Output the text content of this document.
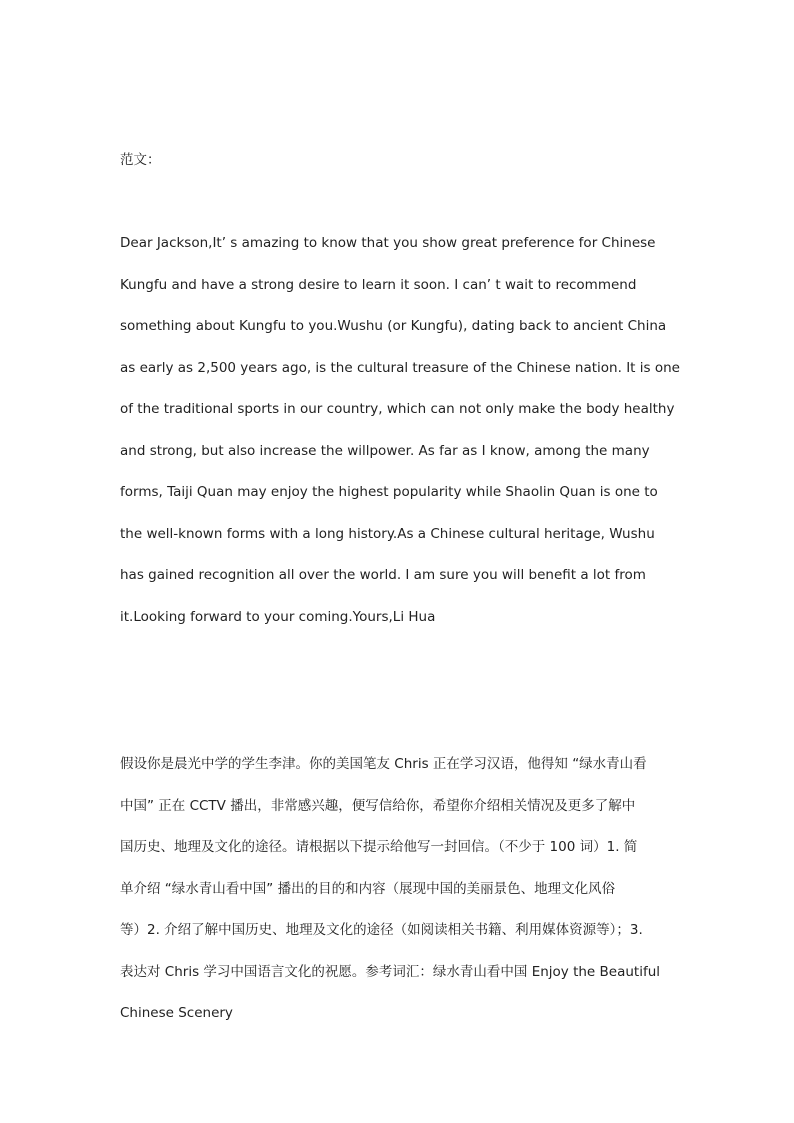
范文：
Dear Jackson,It’ s amazing to know that you show great preference for Chinese
Kungfu and have a strong desire to learn it soon. I can’ t wait to recommend
something about Kungfu to you.Wushu (or Kungfu), dating back to ancient China
as early as 2,500 years ago, is the cultural treasure of the Chinese nation. It is one
of the traditional sports in our country, which can not only make the body healthy
and strong, but also increase the willpower. As far as I know, among the many
forms, Taiji Quan may enjoy the highest popularity while Shaolin Quan is one to
the well-known forms with a long history.As a Chinese cultural heritage, Wushu
has gained recognition all over the world. I am sure you will benefit a lot from
it.Looking forward to your coming.Yours,Li Hua
假设你是晨光中学的学生李津。你的美国笔友 Chris 正在学习汉语，他得知 “绿水青山看
中国” 正在 CCTV 播出，非常感兴趣，便写信给你，希望你介绍相关情况及更多了解中
国历史、地理及文化的途径。请根据以下提示给他写一封回信。（不少于 100 词）1. 简
单介绍 “绿水青山看中国” 播出的目的和内容（展现中国的美丽景色、地理文化风俗
等）2. 介绍了解中国历史、地理及文化的途径（如阅读相关书籍、利用媒体资源等）；3.
表达对 Chris 学习中国语言文化的祝愿。参考词汇：绿水青山看中国 Enjoy the Beautiful
Chinese Scenery
